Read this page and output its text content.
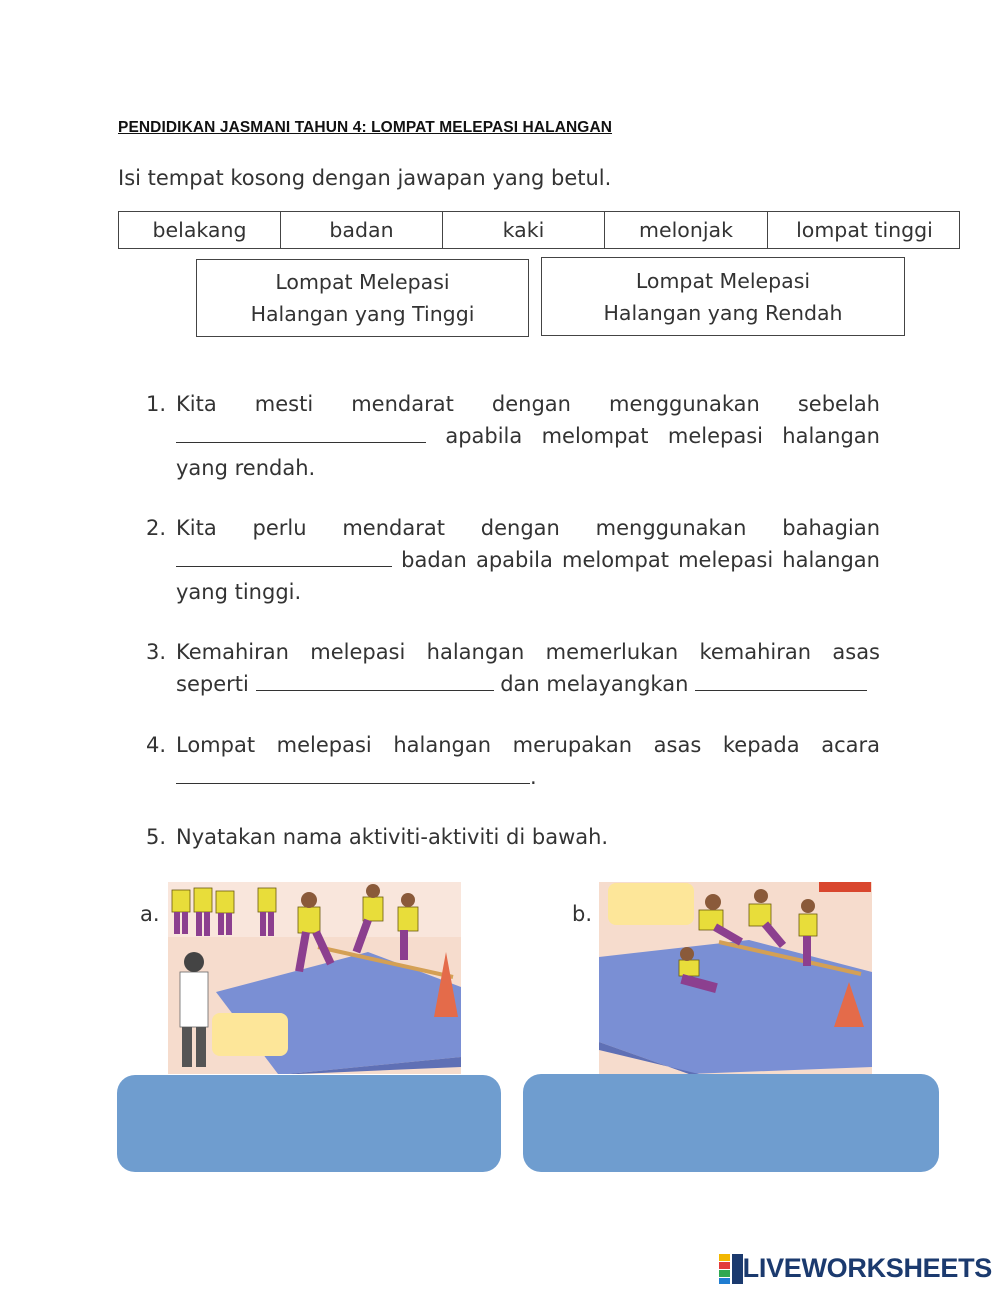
PENDIDIKAN JASMANI TAHUN 4: LOMPAT MELEPASI HALANGAN
Isi tempat kosong dengan jawapan yang betul.
belakang	badan	kaki	melonjak	lompat tinggi
Lompat Melepasi
Halangan yang Tinggi
Lompat Melepasi
Halangan yang Rendah
1. Kita mesti mendarat dengan menggunakan sebelah  apabila melompat melepasi halangan yang rendah.
2. Kita perlu mendarat dengan menggunakan bahagian  badan apabila melompat melepasi halangan yang tinggi.
3. Kemahiran melepasi halangan memerlukan kemahiran asas seperti	dan melayangkan
4. Lompat melepasi halangan merupakan asas kepada acara .
5. Nyatakan nama aktiviti-aktiviti di bawah.
a.	b.
LIVEWORKSHEETS
